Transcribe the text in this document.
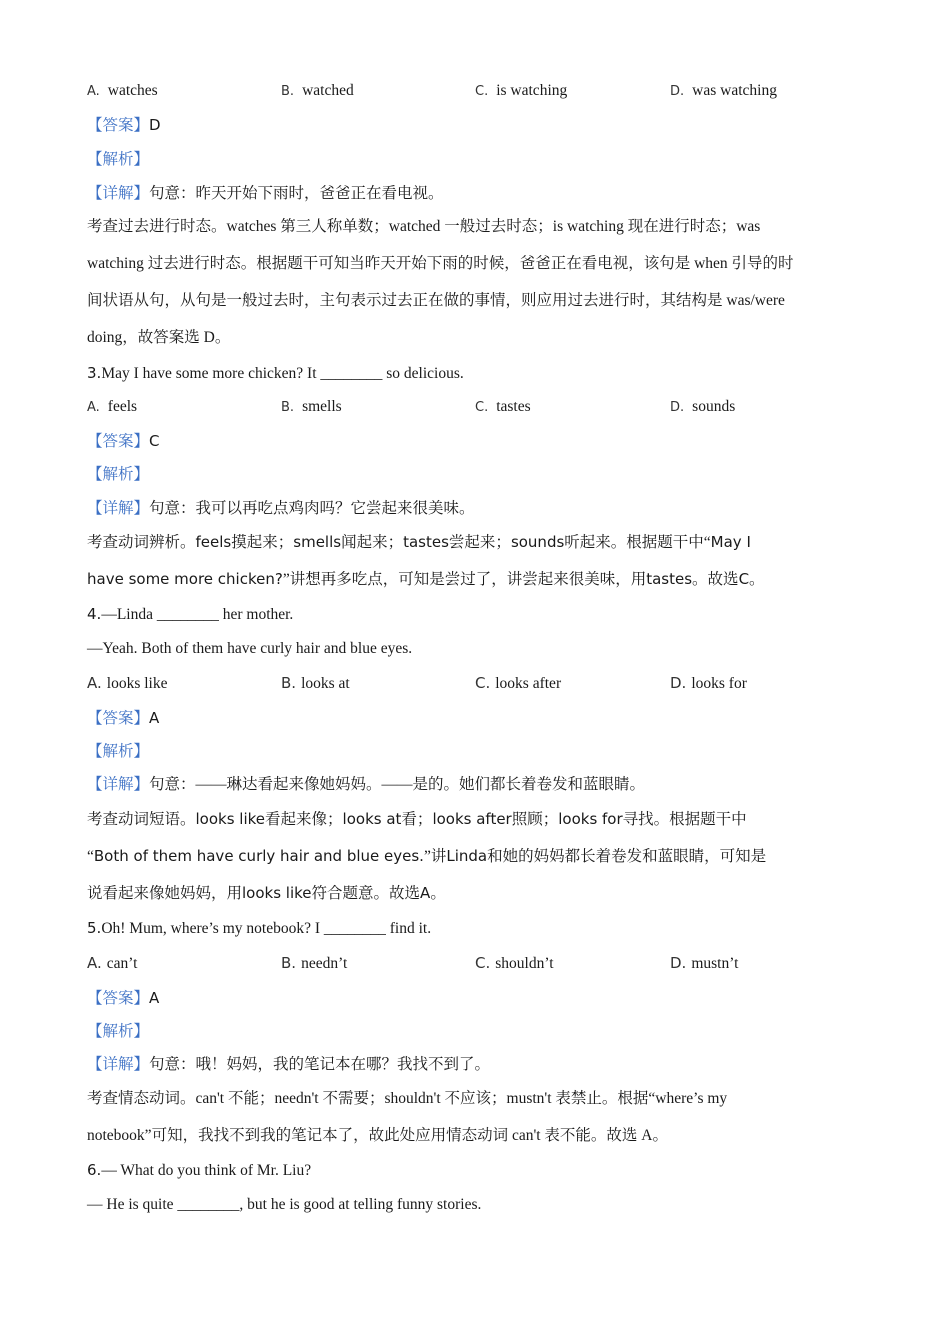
A. watches	B. watched	C. is watching	D. was watching
【答案】D
【解析】
【详解】句意：昨天开始下雨时，爸爸正在看电视。
考查过去进行时态。watches 第三人称单数；watched 一般过去时态；is watching 现在进行时态；was
watching 过去进行时态。根据题干可知当昨天开始下雨的时候，爸爸正在看电视，该句是 when 引导的时
间状语从句，从句是一般过去时，主句表示过去正在做的事情，则应用过去进行时，其结构是 was/were
doing，故答案选 D。
3.May I have some more chicken? It ________ so delicious.
A. feels	B. smells	C. tastes	D. sounds
【答案】C
【解析】
【详解】句意：我可以再吃点鸡肉吗？它尝起来很美味。
考查动词辨析。feels摸起来；smells闻起来；tastes尝起来；sounds听起来。根据题干中“May I
have some more chicken?”讲想再多吃点，可知是尝过了，讲尝起来很美味，用tastes。故选C。
4.—Linda ________ her mother.
—Yeah. Both of them have curly hair and blue eyes.
A. looks like	B. looks at	C. looks after	D. looks for
【答案】A
【解析】
【详解】句意：——琳达看起来像她妈妈。——是的。她们都长着卷发和蓝眼睛。
考查动词短语。looks like看起来像；looks at看；looks after照顾；looks for寻找。根据题干中
“Both of them have curly hair and blue eyes.”讲Linda和她的妈妈都长着卷发和蓝眼睛，可知是
说看起来像她妈妈，用looks like符合题意。故选A。
5.Oh! Mum, where’s my notebook? I ________ find it.
A. can’t	B. needn’t	C. shouldn’t	D. mustn’t
【答案】A
【解析】
【详解】句意：哦！妈妈，我的笔记本在哪？我找不到了。
考查情态动词。can't 不能；needn't 不需要；shouldn't 不应该；mustn't 表禁止。根据“where’s my
notebook”可知，我找不到我的笔记本了，故此处应用情态动词 can't 表不能。故选 A。
6.— What do you think of Mr. Liu?
— He is quite ________, but he is good at telling funny stories.
